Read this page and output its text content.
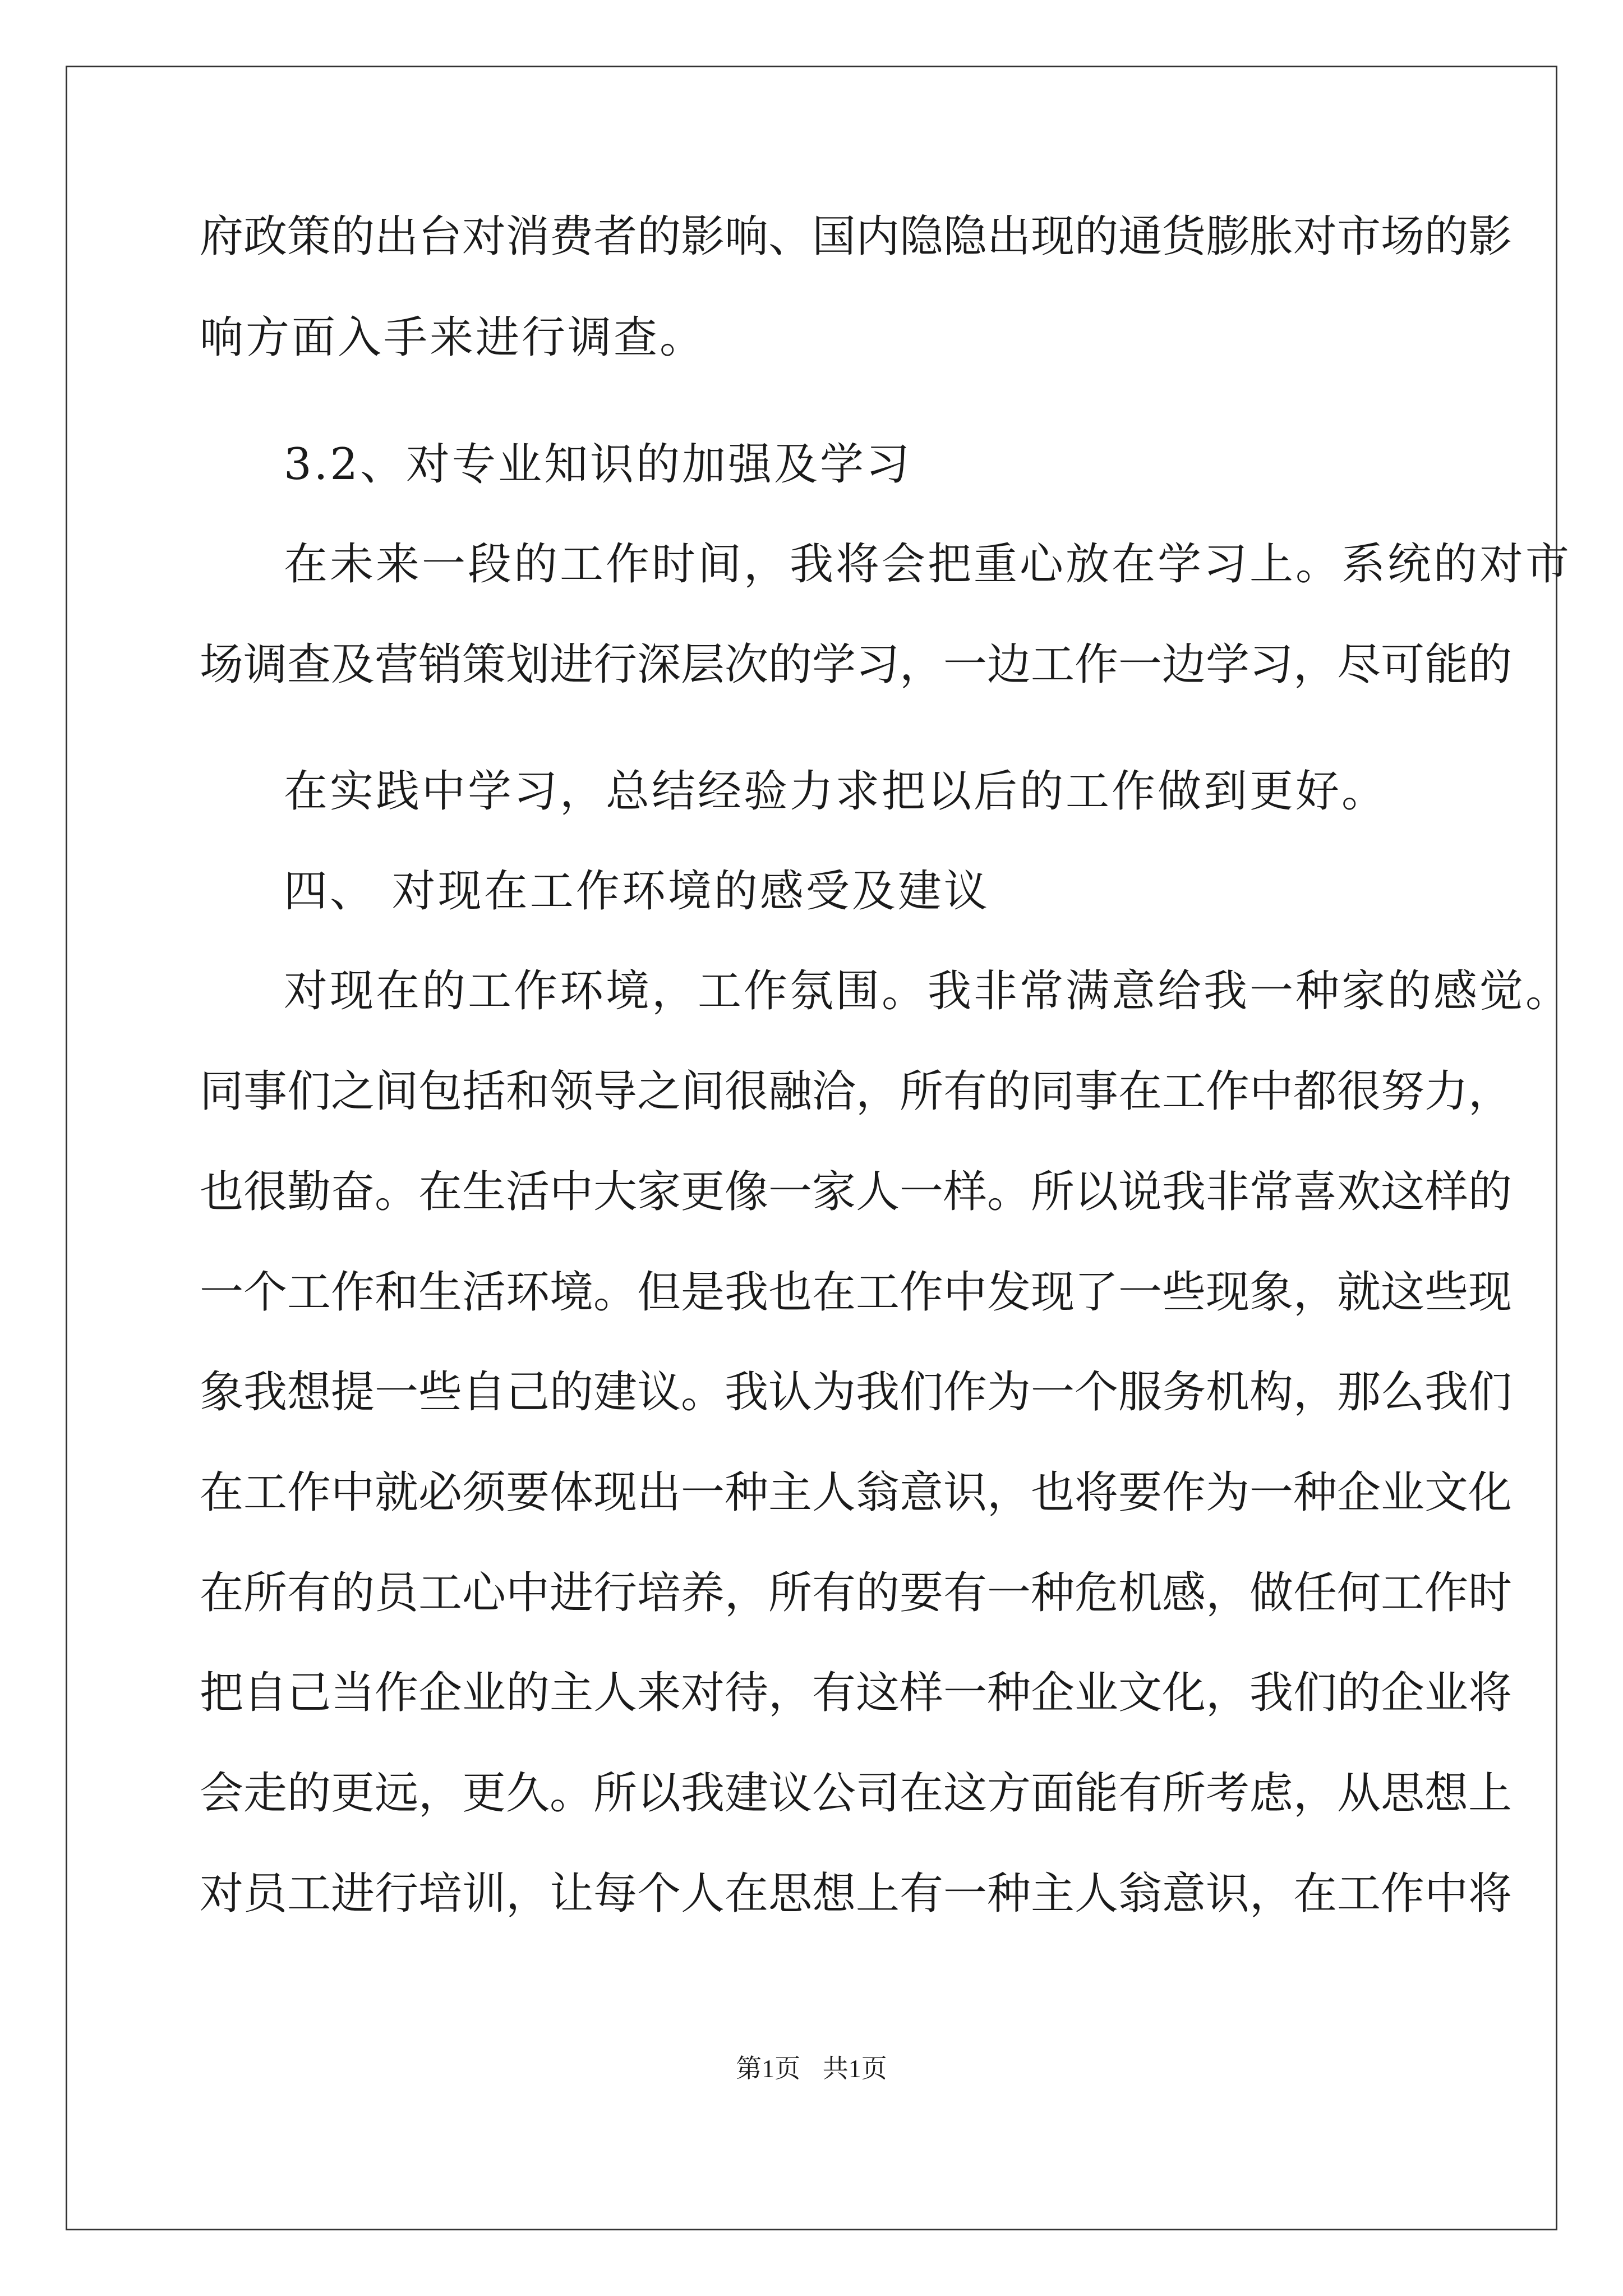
府政策的出台对消费者的影响、国内隐隐出现的通货膨胀对市场的影
响方面入手来进行调查。
3.2、对专业知识的加强及学习
在未来一段的工作时间，我将会把重心放在学习上。系统的对市
场调查及营销策划进行深层次的学习，一边工作一边学习，尽可能的
在实践中学习，总结经验力求把以后的工作做到更好。
四、 对现在工作环境的感受及建议
对现在的工作环境，工作氛围。我非常满意给我一种家的感觉。
同事们之间包括和领导之间很融洽，所有的同事在工作中都很努力，
也很勤奋。在生活中大家更像一家人一样。所以说我非常喜欢这样的
一个工作和生活环境。但是我也在工作中发现了一些现象，就这些现
象我想提一些自己的建议。我认为我们作为一个服务机构，那么我们
在工作中就必须要体现出一种主人翁意识，也将要作为一种企业文化
在所有的员工心中进行培养，所有的要有一种危机感，做任何工作时
把自己当作企业的主人来对待，有这样一种企业文化，我们的企业将
会走的更远，更久。所以我建议公司在这方面能有所考虑，从思想上
对员工进行培训，让每个人在思想上有一种主人翁意识，在工作中将
第1页 共1页
